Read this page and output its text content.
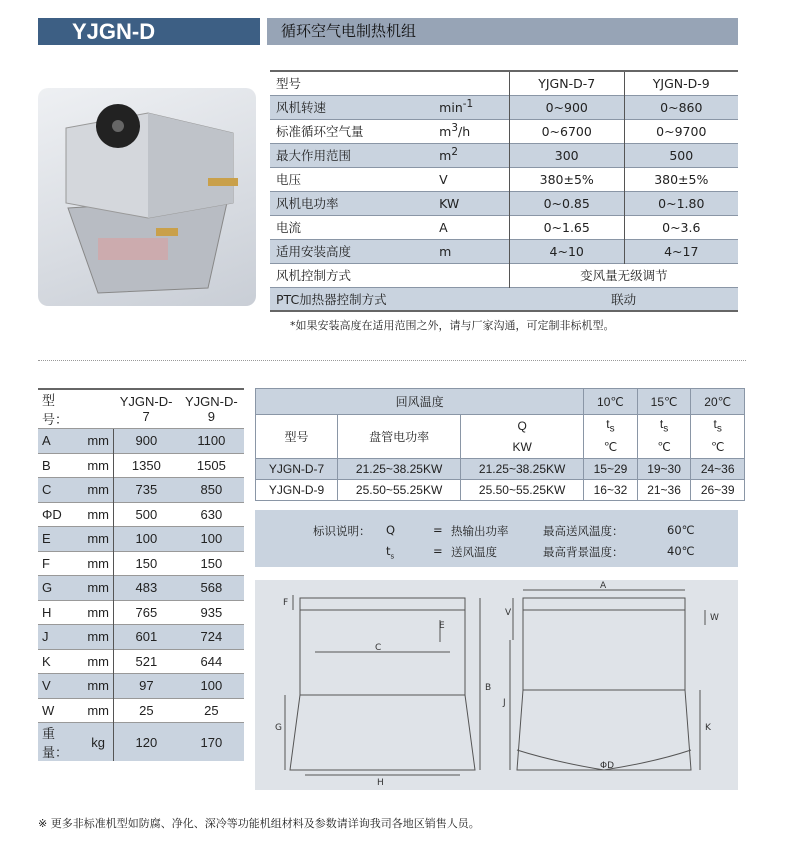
YJGN-D	循环空气电制热机组
型号		YJGN-D-7	YJGN-D-9
风机转速	$\min^{-1}$	0~900	0~860
标准循环空气量	$m^3/h$	0~6700	0~9700
最大作用范围	$m^2$	300	500
电压	V	380±5%	380±5%
风机电功率	KW	0~0.85	0~1.80
电流	A	0~1.65	0~3.6
适用安装高度	m	4~10	4~17
风机控制方式		变风量无级调节	
PTC加热器控制方式		联动	
*如果安装高度在适用范围之外，请与厂家沟通，可定制非标机型。
型号：		YJGN-D-7	YJGN-D-9
A	mm	900	1100
B	mm	1350	1505
C	mm	735	850
ΦD	mm	500	630
E	mm	100	100
F	mm	150	150
G	mm	483	568
H	mm	765	935
J	mm	601	724
K	mm	521	644
V	mm	97	100
W	mm	25	25
重量：	kg	120	170
回风温度			10℃	15℃	20℃
型号	盘管电功率	Q	$t_s$	$t_s$	$t_s$
		KW	℃	℃	℃
YJGN-D-7	21.25~38.25KW	21.25~38.25KW	15~29	19~30	24~36
YJGN-D-9	25.50~55.25KW	25.50~55.25KW	16~32	21~36	26~39
标识说明： Q	= 热输出功率
$t_s$	= 送风温度
最高送风温度：	60℃
最高背景温度：	40℃
F
E
C
B
G
H
A
V	W
J
K
ΦD
※ 更多非标准机型如防腐、净化、深冷等功能机组材料及参数请详询我司各地区销售人员。
